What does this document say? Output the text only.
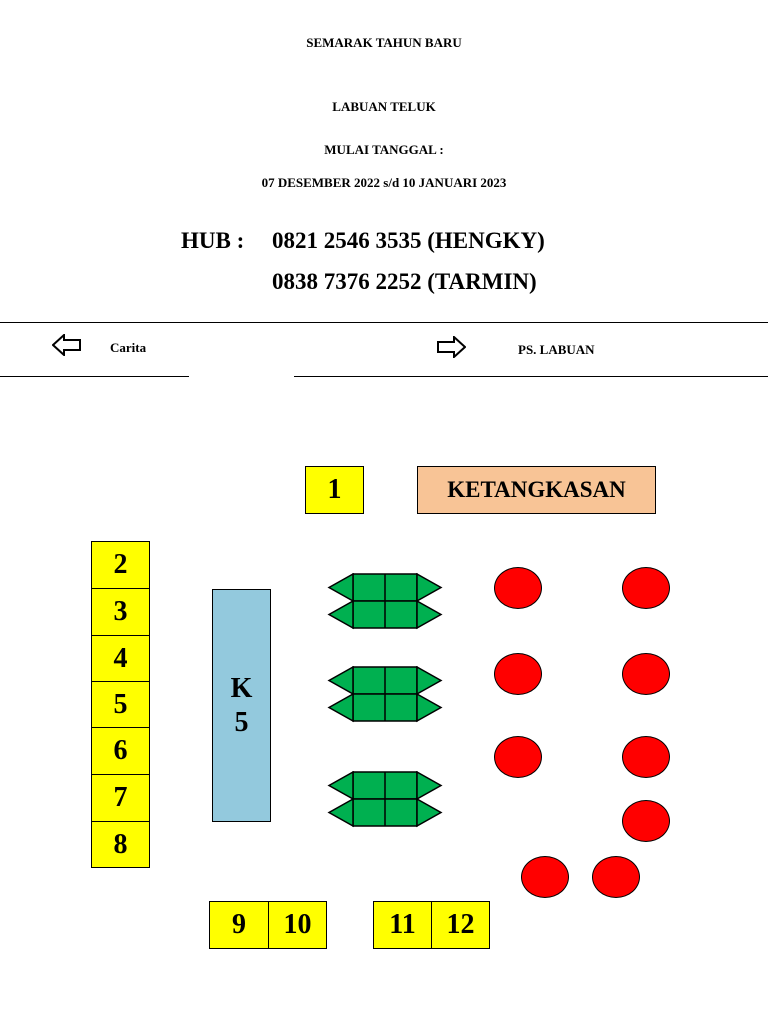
SEMARAK TAHUN BARU
LABUAN TELUK
MULAI TANGGAL :
07 DESEMBER 2022 s/d 10 JANUARI 2023
HUB : 0821 2546 3535 (HENGKY)
0838 7376 2252 (TARMIN)
Carita	PS. LABUAN
1	KETANGKASAN
2
3
4
5
6
7
8
K
5
9	10	11	12
